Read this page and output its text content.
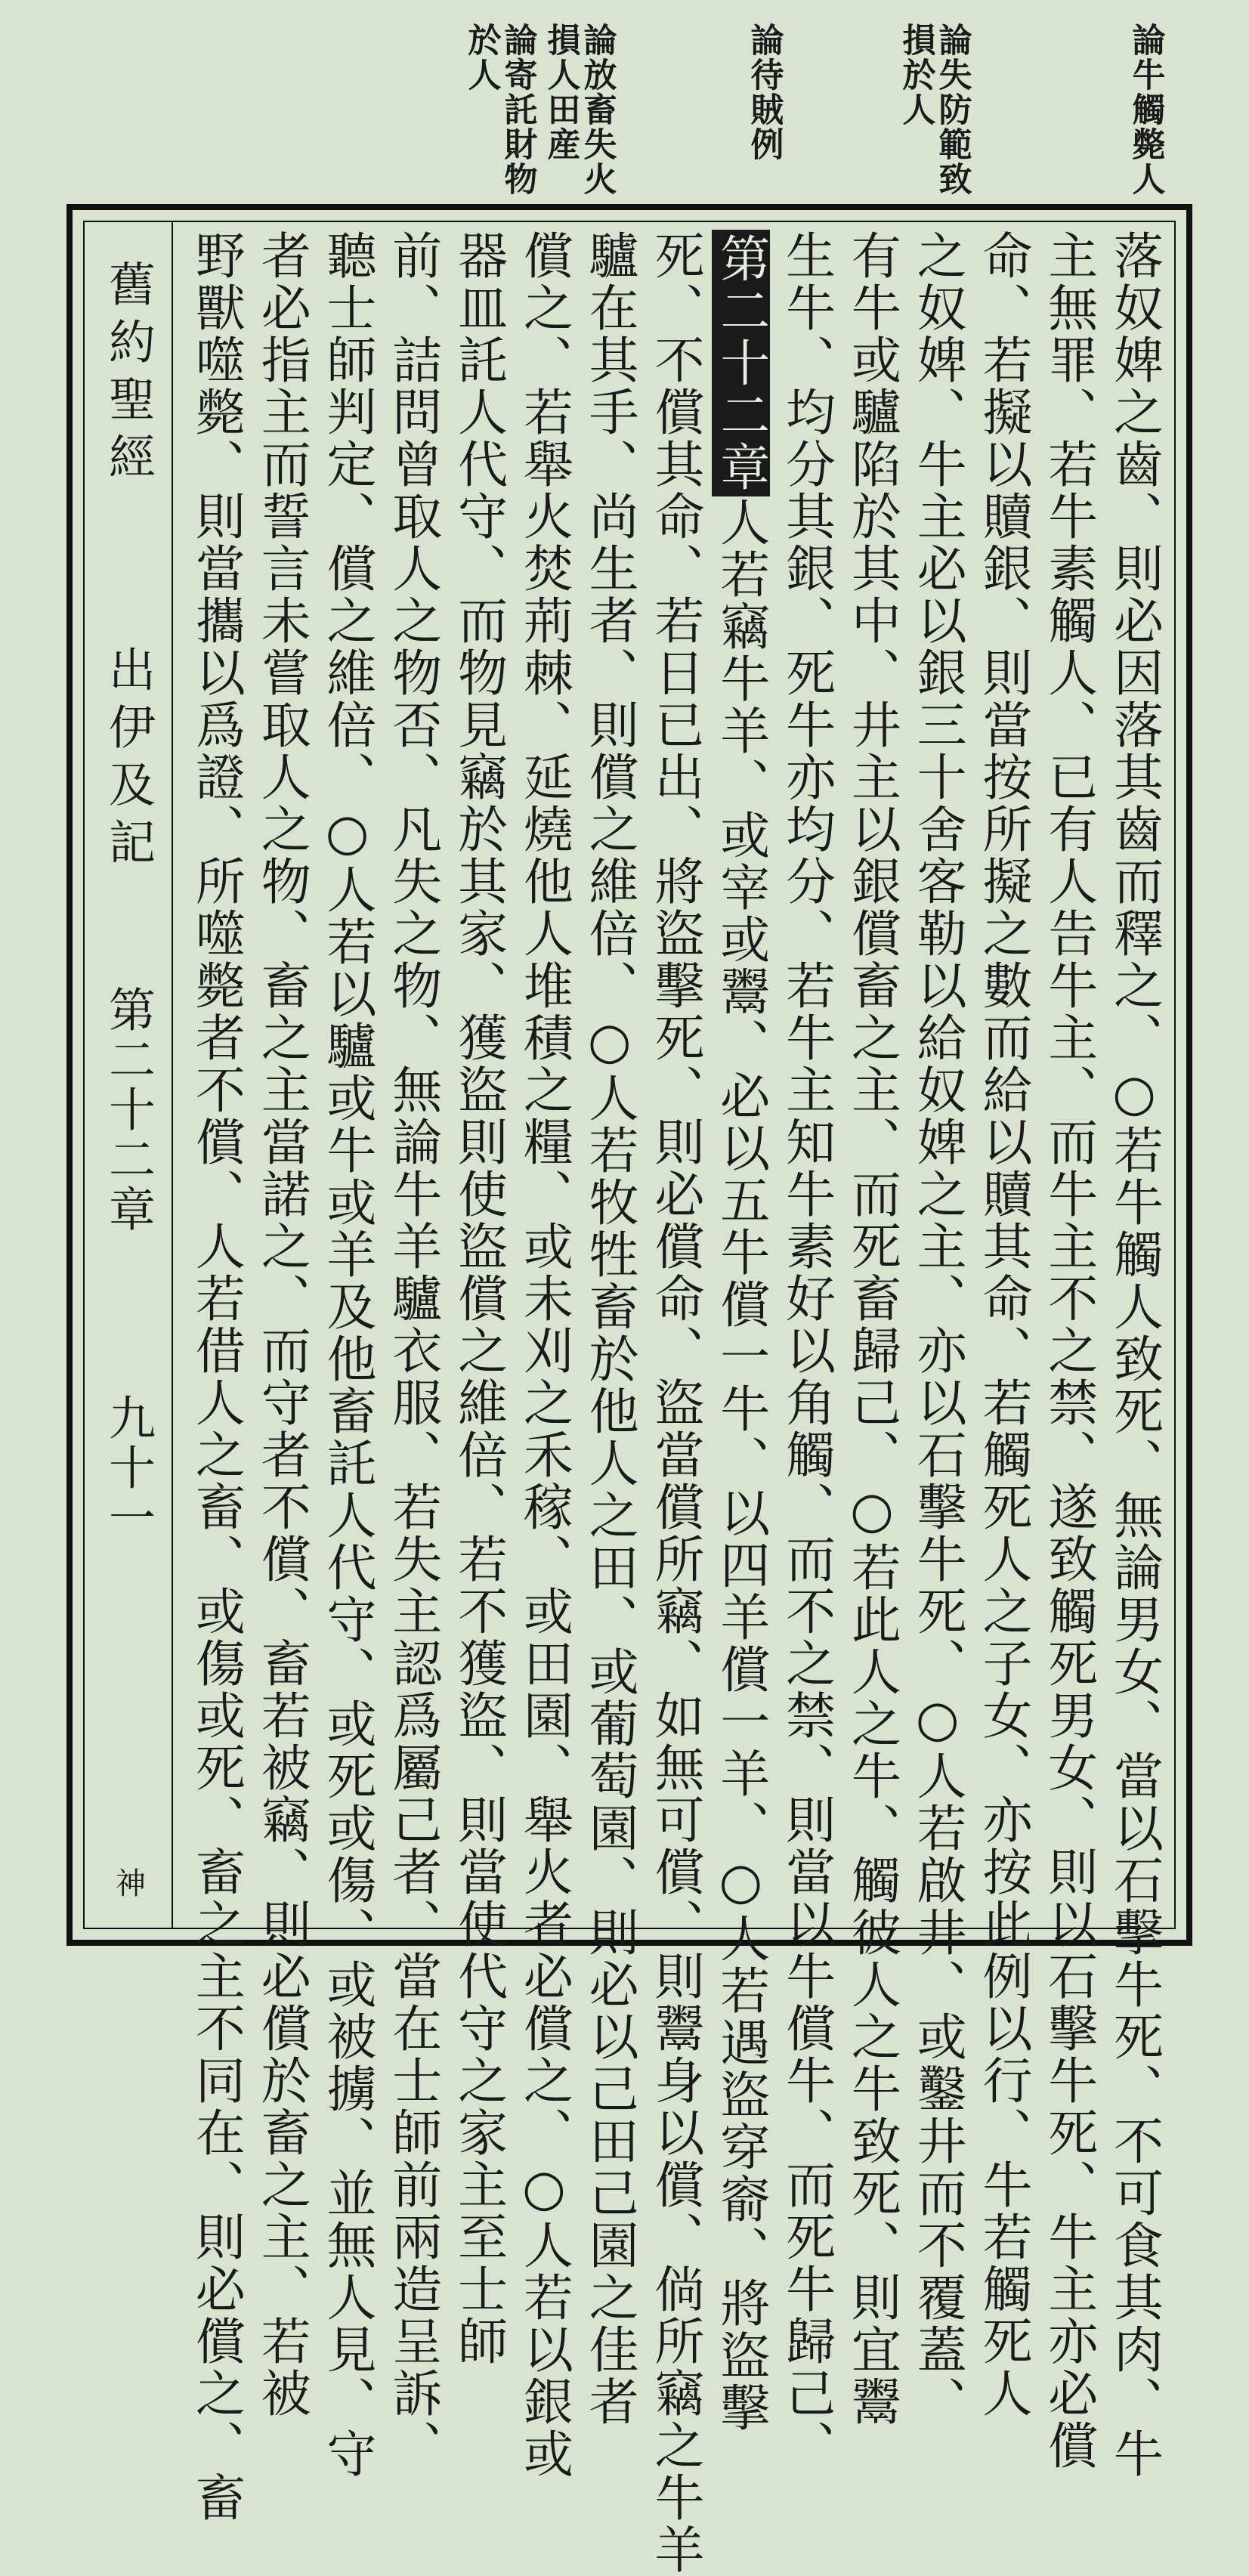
論牛觸斃人
論失防範致損於人
論待賊例
論放畜失火損人田産
論寄託財物於人
舊約聖經
出伊及記
第二十二章
九十一
神	落奴婢之齒、則必因落其齒而釋之、○若牛觸人致死、無論男女、當以石擊牛死、不可食其肉、牛
主無罪、若牛素觸人、已有人告牛主、而牛主不之禁、遂致觸死男女、則以石擊牛死、牛主亦必償
命、若擬以贖銀、則當按所擬之數而給以贖其命、若觸死人之子女、亦按此例以行、牛若觸死人
之奴婢、牛主必以銀三十舍客勒以給奴婢之主、亦以石擊牛死、○人若啟井、或鑿井而不覆蓋、
有牛或驢陷於其中、井主以銀償畜之主、而死畜歸己、○若此人之牛、觸彼人之牛致死、則宜鬻
生牛、均分其銀、死牛亦均分、若牛主知牛素好以角觸、而不之禁、則當以牛償牛、而死牛歸己、
第二十二章人若竊牛羊、或宰或鬻、必以五牛償一牛、以四羊償一羊、○人若遇盜穿窬、將盜擊
死、不償其命、若日已出、將盜擊死、則必償命、盜當償所竊、如無可償、則鬻身以償、倘所竊之牛羊
驢在其手、尚生者、則償之維倍、○人若牧牲畜於他人之田、或葡萄園、則必以己田己園之佳者
償之、若舉火焚荊棘、延燒他人堆積之糧、或未刈之禾稼、或田園、舉火者必償之、○人若以銀或
器皿託人代守、而物見竊於其家、獲盜則使盜償之維倍、若不獲盜、則當使代守之家主至士師
前、詰問曾取人之物否、凡失之物、無論牛羊驢衣服、若失主認爲屬己者、當在士師前兩造呈訴、
聽士師判定、償之維倍、○人若以驢或牛或羊及他畜託人代守、或死或傷、或被擄、並無人見、守
者必指主而誓言未嘗取人之物、畜之主當諾之、而守者不償、畜若被竊、則必償於畜之主、若被
野獸噬斃、則當攜以爲證、所噬斃者不償、人若借人之畜、或傷或死、畜之主不同在、則必償之、畜
